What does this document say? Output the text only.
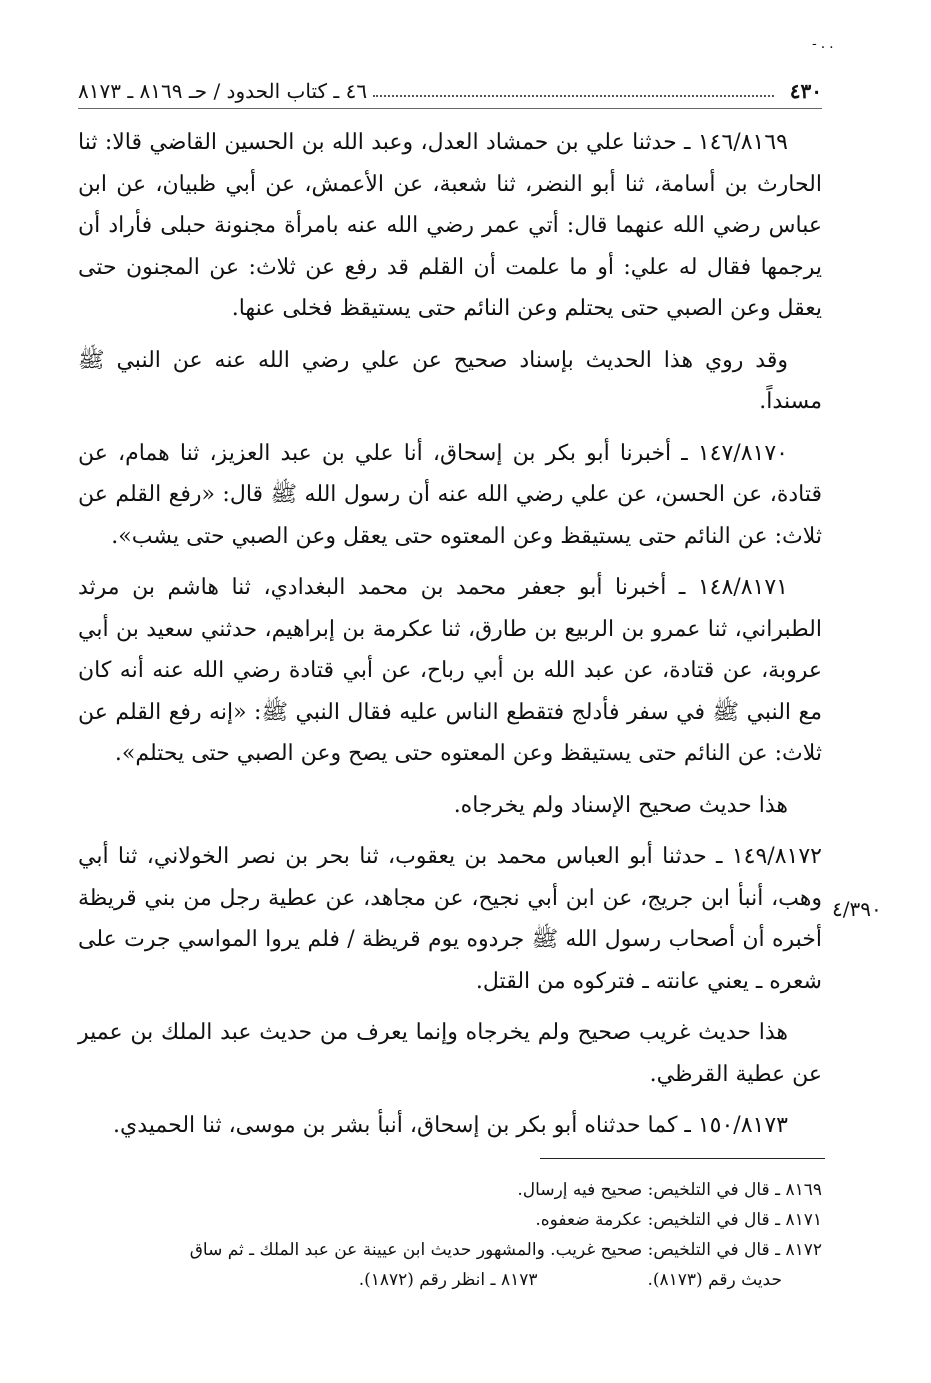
-..
٤٣٠
٤٦ ـ كتاب الحدود / حـ ٨١٦٩ ـ ٨١٧٣

١٤٦/٨١٦٩ ـ حدثنا علي بن حمشاد العدل، وعبد الله بن الحسين القاضي قالا: ثنا الحارث بن أسامة، ثنا أبو النضر، ثنا شعبة، عن الأعمش، عن أبي ظبيان، عن ابن عباس رضي الله عنهما قال: أتي عمر رضي الله عنه بامرأة مجنونة حبلى فأراد أن يرجمها فقال له علي: أو ما علمت أن القلم قد رفع عن ثلاث: عن المجنون حتى يعقل وعن الصبي حتى يحتلم وعن النائم حتى يستيقظ فخلى عنها.

وقد روي هذا الحديث بإسناد صحيح عن علي رضي الله عنه عن النبي ﷺ مسنداً.

١٤٧/٨١٧٠ ـ أخبرنا أبو بكر بن إسحاق، أنا علي بن عبد العزيز، ثنا همام، عن قتادة، عن الحسن، عن علي رضي الله عنه أن رسول الله ﷺ قال: «رفع القلم عن ثلاث: عن النائم حتى يستيقظ وعن المعتوه حتى يعقل وعن الصبي حتى يشب».

١٤٨/٨١٧١ ـ أخبرنا أبو جعفر محمد بن محمد البغدادي، ثنا هاشم بن مرثد الطبراني، ثنا عمرو بن الربيع بن طارق، ثنا عكرمة بن إبراهيم، حدثني سعيد بن أبي عروبة، عن قتادة، عن عبد الله بن أبي رباح، عن أبي قتادة رضي الله عنه أنه كان مع النبي ﷺ في سفر فأدلج فتقطع الناس عليه فقال النبي ﷺ: «إنه رفع القلم عن ثلاث: عن النائم حتى يستيقظ وعن المعتوه حتى يصح وعن الصبي حتى يحتلم».

هذا حديث صحيح الإسناد ولم يخرجاه.

١٤٩/٨١٧٢ ـ حدثنا أبو العباس محمد بن يعقوب، ثنا بحر بن نصر الخولاني، ثنا أبي وهب، أنبأ ابن جريج، عن ابن أبي نجيح، عن مجاهد، عن عطية رجل من بني قريظة أخبره أن أصحاب رسول الله ﷺ جردوه يوم قريظة / فلم يروا المواسي جرت على شعره ـ يعني عانته ـ فتركوه من القتل.

هذا حديث غريب صحيح ولم يخرجاه وإنما يعرف من حديث عبد الملك بن عمير عن عطية القرظي.

١٥٠/٨١٧٣ ـ كما حدثناه أبو بكر بن إسحاق، أنبأ بشر بن موسى، ثنا الحميدي.

٤/٣٩٠
٨١٦٩ ـ قال في التلخيص: صحيح فيه إرسال.
٨١٧١ ـ قال في التلخيص: عكرمة ضعفوه.
٨١٧٢ ـ قال في التلخيص: صحيح غريب. والمشهور حديث ابن عيينة عن عبد الملك ـ ثم ساق
حديث رقم (٨١٧٣).
٨١٧٣ ـ انظر رقم (١٨٧٢).
